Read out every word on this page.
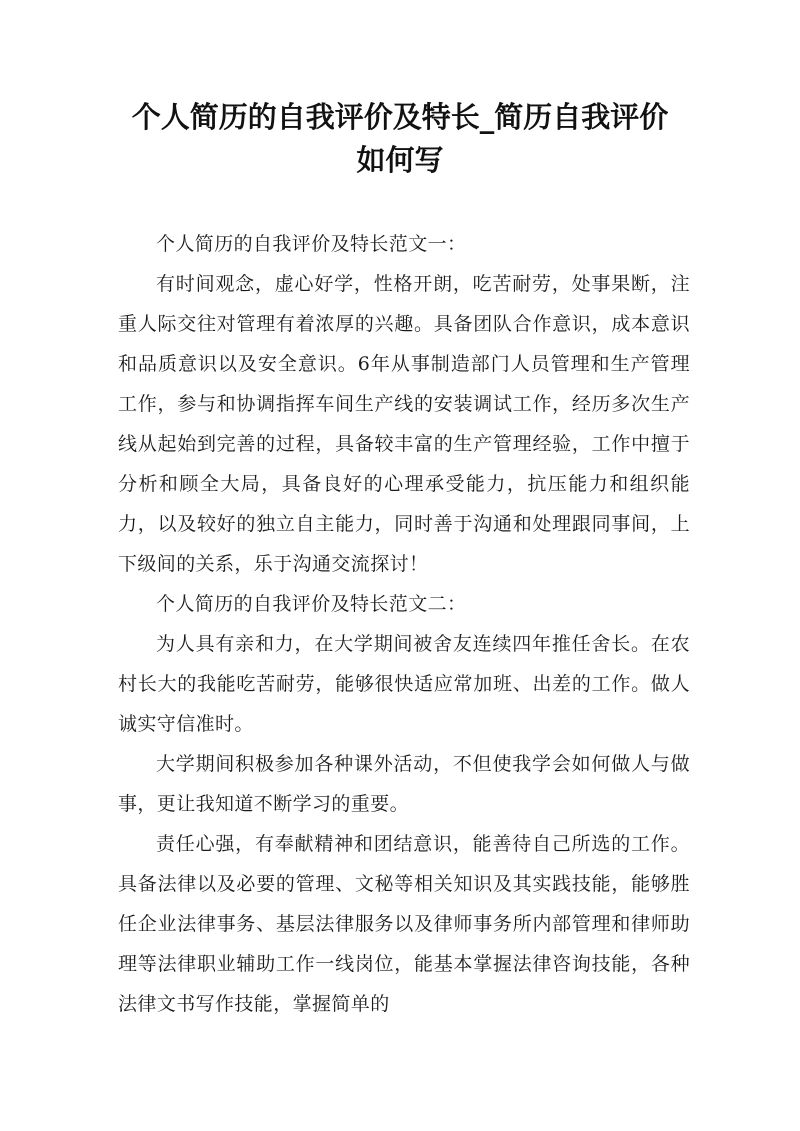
个人简历的自我评价及特长_简历自我评价
如何写

个人简历的自我评价及特长范文一：

有时间观念，虚心好学，性格开朗，吃苦耐劳，处事果断，注重人际交往对管理有着浓厚的兴趣。具备团队合作意识，成本意识和品质意识以及安全意识。6年从事制造部门人员管理和生产管理工作，参与和协调指挥车间生产线的安装调试工作，经历多次生产线从起始到完善的过程，具备较丰富的生产管理经验，工作中擅于分析和顾全大局，具备良好的心理承受能力，抗压能力和组织能力，以及较好的独立自主能力，同时善于沟通和处理跟同事间，上下级间的关系，乐于沟通交流探讨！

个人简历的自我评价及特长范文二：

为人具有亲和力，在大学期间被舍友连续四年推任舍长。在农村长大的我能吃苦耐劳，能够很快适应常加班、出差的工作。做人诚实守信准时。

大学期间积极参加各种课外活动，不但使我学会如何做人与做事，更让我知道不断学习的重要。

责任心强，有奉献精神和团结意识，能善待自己所选的工作。具备法律以及必要的管理、文秘等相关知识及其实践技能，能够胜任企业法律事务、基层法律服务以及律师事务所内部管理和律师助理等法律职业辅助工作一线岗位，能基本掌握法律咨询技能，各种法律文书写作技能，掌握简单的
